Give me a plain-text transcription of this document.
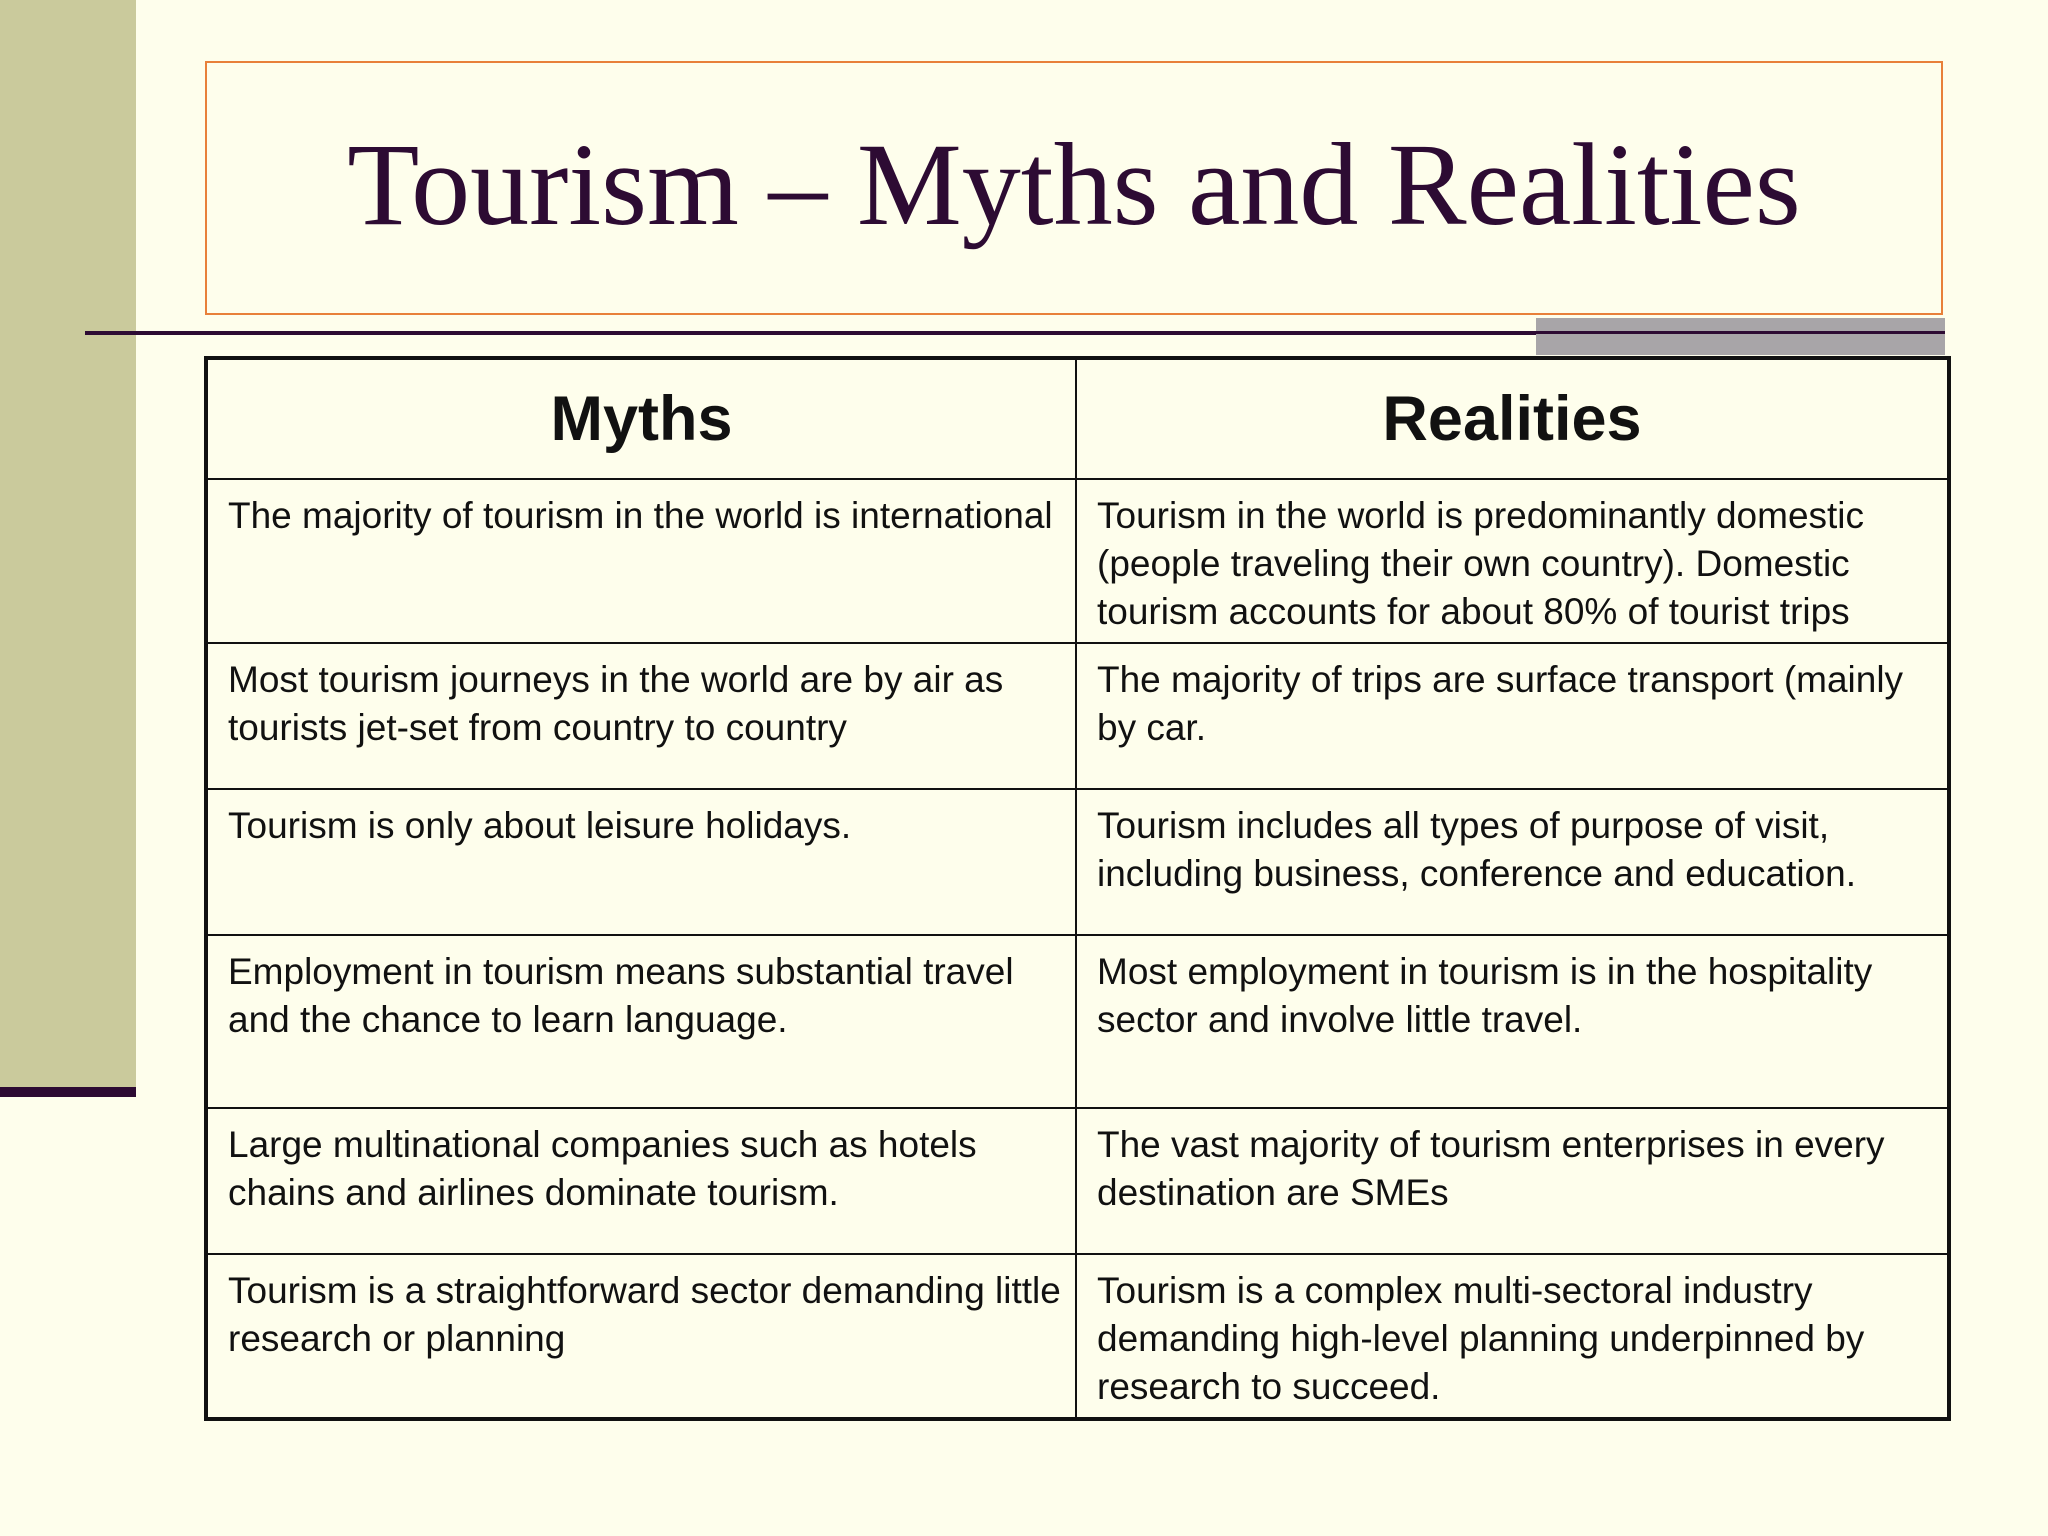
Tourism – Myths and Realities
Myths	Realities

The majority of tourism in the world is international	Tourism in the world is predominantly domestic (people traveling their own country). Domestic tourism accounts for about 80% of tourist trips

Most tourism journeys in the world are by air as tourists jet-set from country to country	The majority of trips are surface transport (mainly by car.

Tourism is only about leisure holidays.	Tourism includes all types of purpose of visit, including business, conference and education.

Employment in tourism means substantial travel and the chance to learn language.	Most employment in tourism is in the hospitality sector and involve little travel.

Large multinational companies such as hotels chains and airlines dominate tourism.	The vast majority of tourism enterprises in every destination are SMEs

Tourism is a straightforward sector demanding little research or planning	Tourism is a complex multi-sectoral industry demanding high-level planning underpinned by research to succeed.
